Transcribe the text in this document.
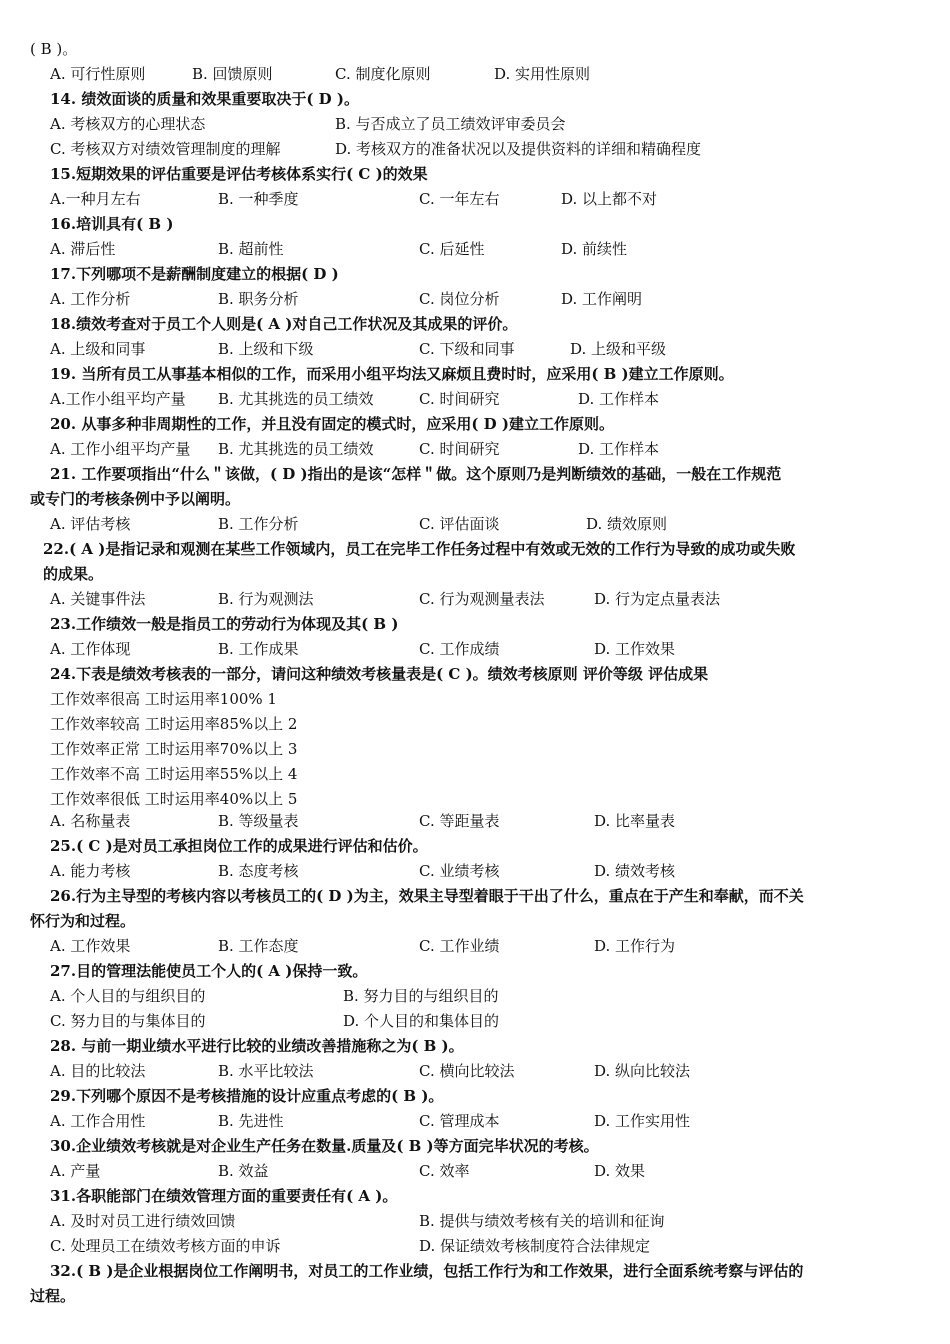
( B )。
A. 可行性原则	B. 回馈原则	C. 制度化原则	D. 实用性原则
14. 绩效面谈的质量和效果重要取决于( D )。
A. 考核双方的心理状态	B. 与否成立了员工绩效评审委员会
C. 考核双方对绩效管理制度的理解	D. 考核双方的准备状况以及提供资料的详细和精确程度
15.短期效果的评估重要是评估考核体系实行( C )的效果
A.一种月左右	B. 一种季度	C. 一年左右	D. 以上都不对
16.培训具有( B )
A. 滞后性	B. 超前性	C. 后延性	D. 前续性
17.下列哪项不是薪酬制度建立的根据( D )
A. 工作分析	B. 职务分析	C. 岗位分析	D. 工作阐明
18.绩效考查对于员工个人则是( A )对自己工作状况及其成果的评价。
A. 上级和同事	B. 上级和下级	C. 下级和同事	D. 上级和平级
19. 当所有员工从事基本相似的工作，而采用小组平均法又麻烦且费时时，应采用( B )建立工作原则。
A.工作小组平均产量 B. 尤其挑选的员工绩效	C. 时间研究	D. 工作样本
20. 从事多种非周期性的工作，并且没有固定的模式时，应采用( D )建立工作原则。
A. 工作小组平均产量 B. 尤其挑选的员工绩效	C. 时间研究	D. 工作样本
21. 工作要项指出“什么＂该做，( D )指出的是该“怎样＂做。这个原则乃是判断绩效的基础，一般在工作规范
或专门的考核条例中予以阐明。
A. 评估考核	B. 工作分析	C. 评估面谈	D. 绩效原则
22.( A )是指记录和观测在某些工作领域内，员工在完毕工作任务过程中有效或无效的工作行为导致的成功或失败
的成果。
A. 关键事件法	B. 行为观测法	C. 行为观测量表法	D. 行为定点量表法
23.工作绩效一般是指员工的劳动行为体现及其( B )
A. 工作体现	B. 工作成果	C. 工作成绩	D. 工作效果
24.下表是绩效考核表的一部分，请问这种绩效考核量表是( C )。绩效考核原则 评价等级 评估成果
工作效率很高 工时运用率100% 1
工作效率较高 工时运用率85%以上 2
工作效率正常 工时运用率70%以上 3
工作效率不高 工时运用率55%以上 4
工作效率很低 工时运用率40%以上 5
A. 名称量表	B. 等级量表	C. 等距量表	D. 比率量表
25.( C )是对员工承担岗位工作的成果进行评估和估价。
A. 能力考核	B. 态度考核	C. 业绩考核	D. 绩效考核
26.行为主导型的考核内容以考核员工的( D )为主，效果主导型着眼于干出了什么，重点在于产生和奉献，而不关
怀行为和过程。
A. 工作效果	B. 工作态度	C. 工作业绩	D. 工作行为
27.目的管理法能使员工个人的( A )保持一致。
A. 个人目的与组织目的	B. 努力目的与组织目的
C. 努力目的与集体目的	D. 个人目的和集体目的
28. 与前一期业绩水平进行比较的业绩改善措施称之为( B )。
A. 目的比较法	B. 水平比较法	C. 横向比较法	D. 纵向比较法
29.下列哪个原因不是考核措施的设计应重点考虑的( B )。
A. 工作合用性	B. 先进性	C. 管理成本	D. 工作实用性
30.企业绩效考核就是对企业生产任务在数量.质量及( B )等方面完毕状况的考核。
A. 产量	B. 效益	C. 效率	D. 效果
31.各职能部门在绩效管理方面的重要责任有( A )。
A. 及时对员工进行绩效回馈	B. 提供与绩效考核有关的培训和征询
C. 处理员工在绩效考核方面的申诉	D. 保证绩效考核制度符合法律规定
32.( B )是企业根据岗位工作阐明书，对员工的工作业绩，包括工作行为和工作效果，进行全面系统考察与评估的
过程。
